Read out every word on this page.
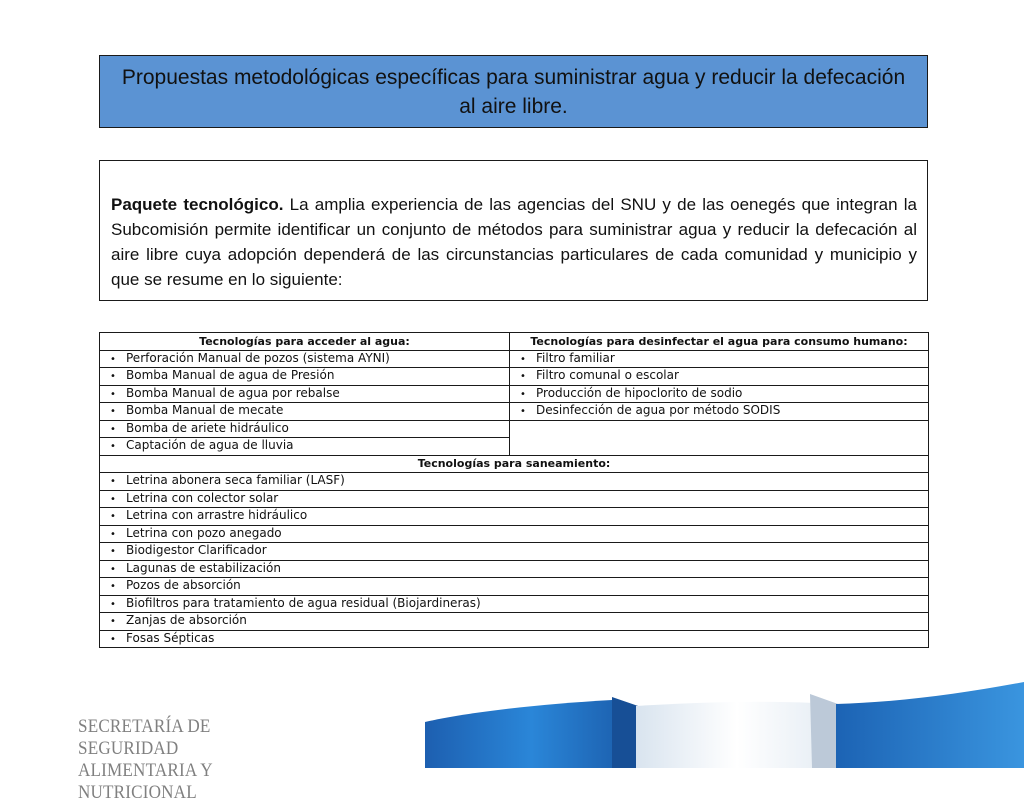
Propuestas metodológicas específicas para suministrar agua y reducir la defecación al aire libre.
Paquete tecnológico. La amplia experiencia de las agencias del SNU y de las oenegés que integran la Subcomisión permite identificar un conjunto de métodos para suministrar agua y reducir la defecación al aire libre cuya adopción dependerá de las circunstancias particulares de cada comunidad y municipio y que se resume en lo siguiente:
Tecnologías para acceder al agua:	Tecnologías para desinfectar el agua para consumo humano:
• Perforación Manual de pozos (sistema AYNI)	• Filtro familiar
• Bomba Manual de agua de Presión	• Filtro comunal o escolar
• Bomba Manual de agua por rebalse	• Producción de hipoclorito de sodio
• Bomba Manual de mecate	• Desinfección de agua por método SODIS
• Bomba de ariete hidráulico	
• Captación de agua de lluvia	
Tecnologías para saneamiento:	
• Letrina abonera seca familiar (LASF)	
• Letrina con colector solar	
• Letrina con arrastre hidráulico	
• Letrina con pozo anegado	
• Biodigestor Clarificador	
• Lagunas de estabilización	
• Pozos de absorción	
• Biofiltros para tratamiento de agua residual (Biojardineras)	
• Zanjas de absorción	
• Fosas Sépticas	
SECRETARÍA DE SEGURIDAD
ALIMENTARIA Y NUTRICIONAL
